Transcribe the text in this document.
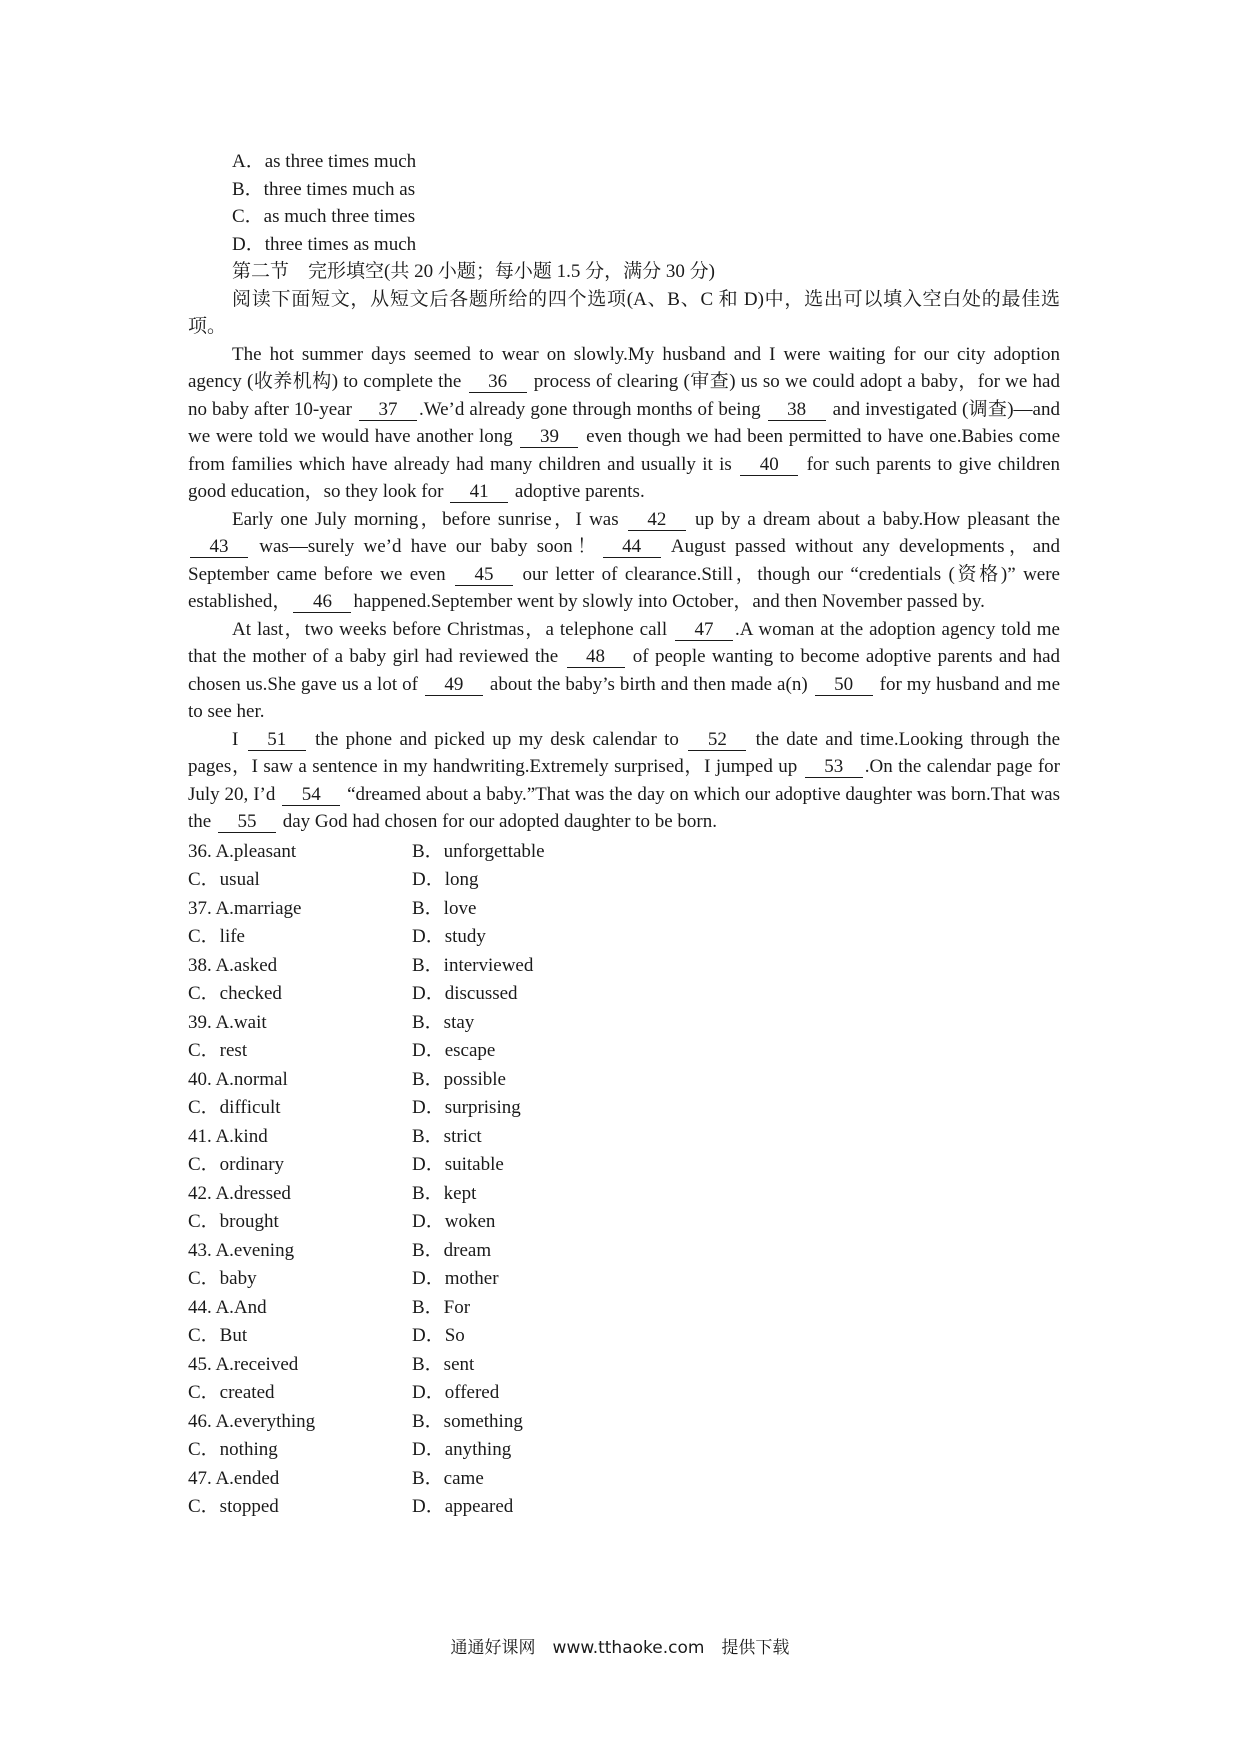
A．as three times much
B．three times much as
C．as much three times
D．three times as much
第二节　完形填空(共 20 小题；每小题 1.5 分，满分 30 分)
阅读下面短文，从短文后各题所给的四个选项(A、B、C 和 D)中，选出可以填入空白处的最佳选项。
The hot summer days seemed to wear on slowly.My husband and I were waiting for our city adoption agency (收养机构) to complete the 36 process of clearing (审查) us so we could adopt a baby，for we had no baby after 10-year 37 .We’d already gone through months of being 38 and investigated (调查)—and we were told we would have another long 39 even though we had been permitted to have one.Babies come from families which have already had many children and usually it is 40 for such parents to give children good education，so they look for 41 adoptive parents.
Early one July morning，before sunrise，I was 42 up by a dream about a baby.How pleasant the 43 was—surely we’d have our baby soon！ 44 August passed without any developments，and September came before we even 45 our letter of clearance.Still，though our “credentials (资格)” were established， 46 happened.September went by slowly into October，and then November passed by.
At last，two weeks before Christmas，a telephone call 47 .A woman at the adoption agency told me that the mother of a baby girl had reviewed the 48 of people wanting to become adoptive parents and had chosen us.She gave us a lot of 49 about the baby’s birth and then made a(n) 50 for my husband and me to see her.
I 51 the phone and picked up my desk calendar to 52 the date and time.Looking through the pages，I saw a sentence in my handwriting.Extremely surprised，I jumped up 53 .On the calendar page for July 20, I’d 54 “dreamed about a baby.”That was the day on which our adoptive daughter was born.That was the 55 day God had chosen for our adopted daughter to be born.
36. A.pleasant	B．unforgettable
C．usual	D．long
37. A.marriage	B．love
C．life	D．study
38. A.asked	B．interviewed
C．checked	D．discussed
39. A.wait	B．stay
C．rest	D．escape
40. A.normal	B．possible
C．difficult	D．surprising
41. A.kind	B．strict
C．ordinary	D．suitable
42. A.dressed	B．kept
C．brought	D．woken
43. A.evening	B．dream
C．baby	D．mother
44. A.And	B．For
C．But	D．So
45. A.received	B．sent
C．created	D．offered
46. A.everything	B．something
C．nothing	D．anything
47. A.ended	B．came
C．stopped	D．appeared
通通好课网　www.tthaoke.com　提供下载
